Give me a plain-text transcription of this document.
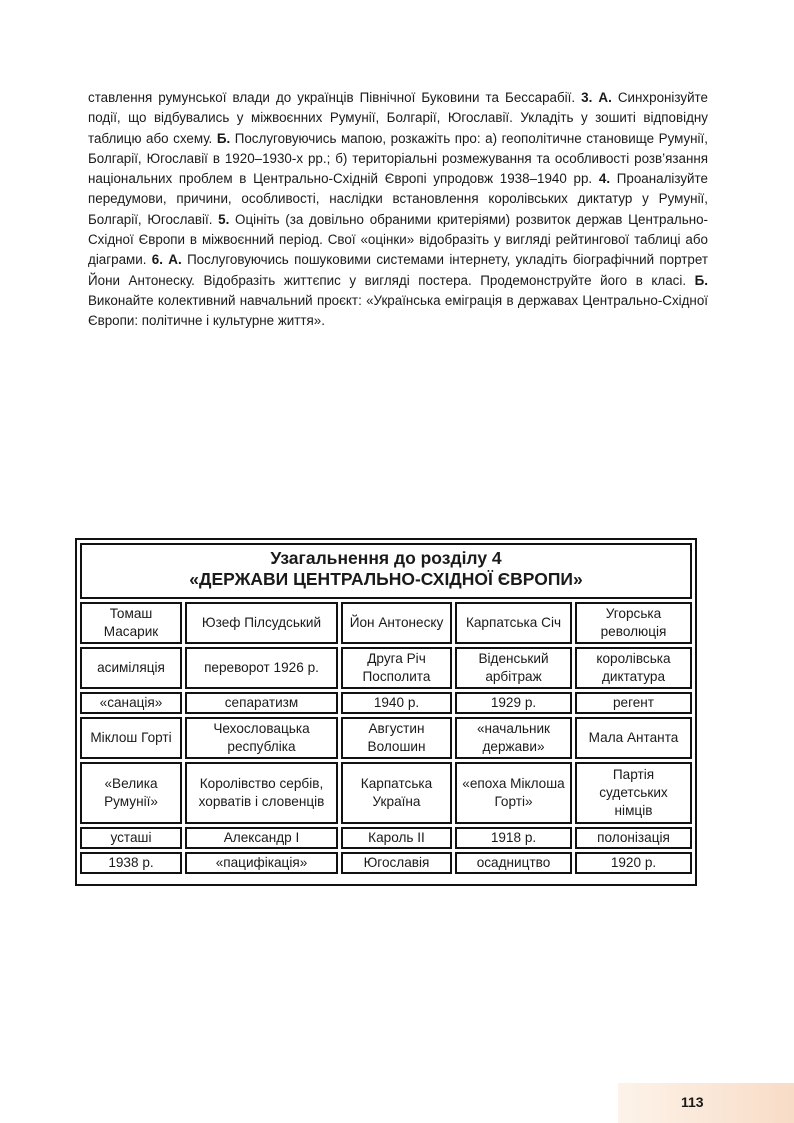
ставлення румунської влади до українців Північної Буковини та Бессарабії. 3. А. Синхронізуйте події, що відбувались у міжвоєнних Румунії, Болгарії, Югославії. Укладіть у зошиті відповідну таблицю або схему. Б. Послуговуючись мапою, розкажіть про: а) геополітичне становище Румунії, Болгарії, Югославії в 1920–1930-х рр.; б) територіальні розмежування та особливості розв’язання національних проблем в Центрально-Східній Європі упродовж 1938–1940 рр. 4. Проаналізуйте передумови, причини, особливості, наслідки встановлення королівських диктатур у Румунії, Болгарії, Югославії. 5. Оцініть (за довільно обраними критеріями) розвиток держав Центрально-Східної Європи в міжвоєнний період. Свої «оцінки» відобразіть у вигляді рейтингової таблиці або діаграми. 6. А. Послуговуючись пошуковими системами інтернету, укладіть біографічний портрет Йони Антонеску. Відобразіть життєпис у вигляді постера. Продемонструйте його в класі. Б. Виконайте колективний навчальний проєкт: «Українська еміграція в державах Центрально-Східної Європи: політичне і культурне життя».
Узагальнення до розділу 4
«ДЕРЖАВИ ЦЕНТРАЛЬНО-СХІДНОЇ ЄВРОПИ»
Томаш Масарик	Юзеф Пілсудський	Йон Антонеску	Карпатська Січ	Угорська революція
асиміляція	переворот 1926 р.	Друга Річ Посполита	Віденський арбітраж	королівська диктатура
«санація»	сепаратизм	1940 р.	1929 р.	регент
Міклош Горті	Чехословацька республіка	Августин Волошин	«начальник держави»	Мала Антанта
«Велика Румунії»	Королівство сербів, хорватів і словенців	Карпатська Україна	«епоха Міклоша Горті»	Партія судетських німців
усташі	Александр І	Кароль ІІ	1918 р.	полонізація
1938 р.	«пацифікація»	Югославія	осадництво	1920 р.
113
